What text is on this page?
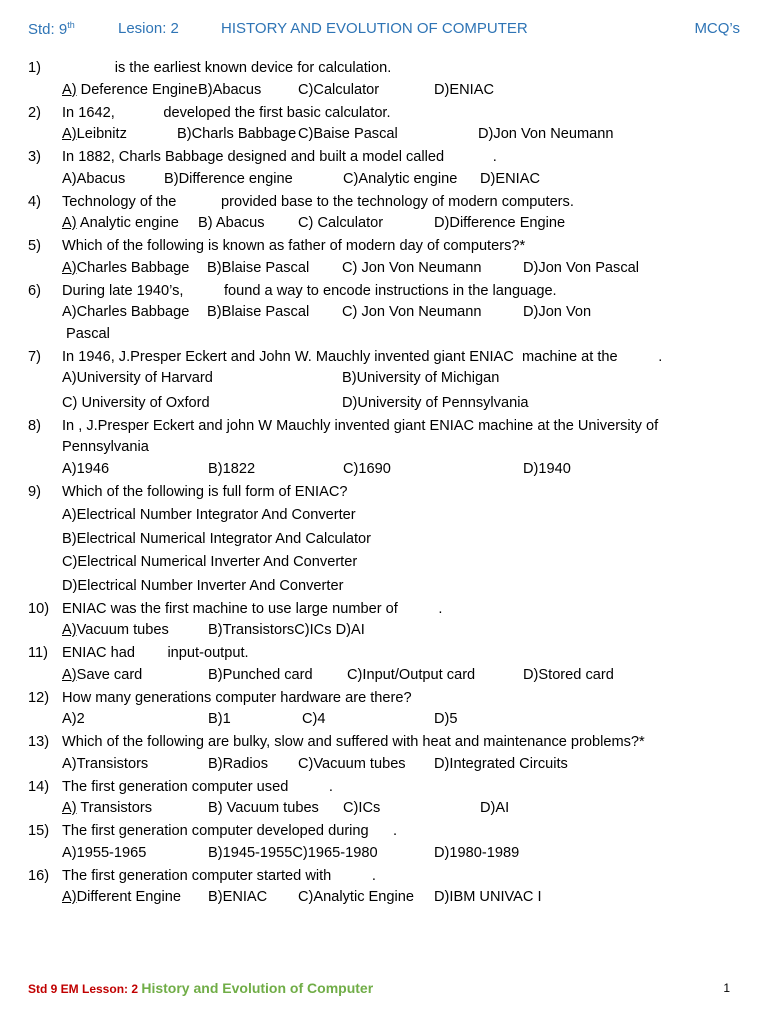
Std: 9th	Lesion: 2	HISTORY AND EVOLUTION OF COMPUTER	MCQ’s
1)	is the earliest known device for calculation.
A) Deference Engine B)Abacus	C)Calculator	D)ENIAC
2)	In 1642,            developed the first basic calculator.
A)Leibnitz	B)Charls Babbage C)Baise Pascal	D)Jon Von Neumann
3)	In 1882, Charls Babbage designed and built a model called            .
A)Abacus	B)Difference engine	C)Analytic engine D)ENIAC
4)	Technology of the           provided base to the technology of modern computers.
A) Analytic engine B) Abacus C) Calculator	D)Difference Engine
5)	Which of the following is known as father of modern day of computers?*
A)Charles Babbage B)Blaise Pascal C) Jon Von Neumann	D)Jon Von Pascal
6)	During late 1940’s,          found a way to encode instructions in the language.
A)Charles Babbage B)Blaise Pascal C) Jon Von Neumann	D)Jon Von
Pascal
7)	In 1946, J.Presper Eckert and John W. Mauchly invented giant ENIAC  machine at the          .
A)University of Harvard	B)University of Michigan
C) University of Oxford	D)University of Pennsylvania
8)	In , J.Presper Eckert and john W Mauchly invented giant ENIAC machine at the University of Pennsylvania
A)1946	B)1822	C)1690	D)1940
9)	Which of the following is full form of ENIAC?
A)Electrical Number Integrator And Converter
B)Electrical Numerical Integrator And Calculator
C)Electrical Numerical Inverter And Converter
D)Electrical Number Inverter And Converter
10) ENIAC was the first machine to use large number of          .
A)Vacuum tubes	B)TransistorsC)ICs D)AI
11) ENIAC had        input-output.
A)Save card	B)Punched card C)Input/Output card	D)Stored card
12) How many generations computer hardware are there?
A)2	B)1	C)4	D)5
13) Which of the following are bulky, slow and suffered with heat and maintenance problems?*
A)Transistors	B)Radios C)Vacuum tubes D)Integrated Circuits
14) The first generation computer used          .
A) Transistors	B) Vacuum tubes C)ICs	D)AI
15) The first generation computer developed during      .
A)1955-1965	B)1945-1955C)1965-1980	D)1980-1989
16) The first generation computer started with          .
A)Different Engine B)ENIAC C)Analytic Engine D)IBM UNIVAC I
Std 9 EM Lesson: 2 History and Evolution of Computer	1
